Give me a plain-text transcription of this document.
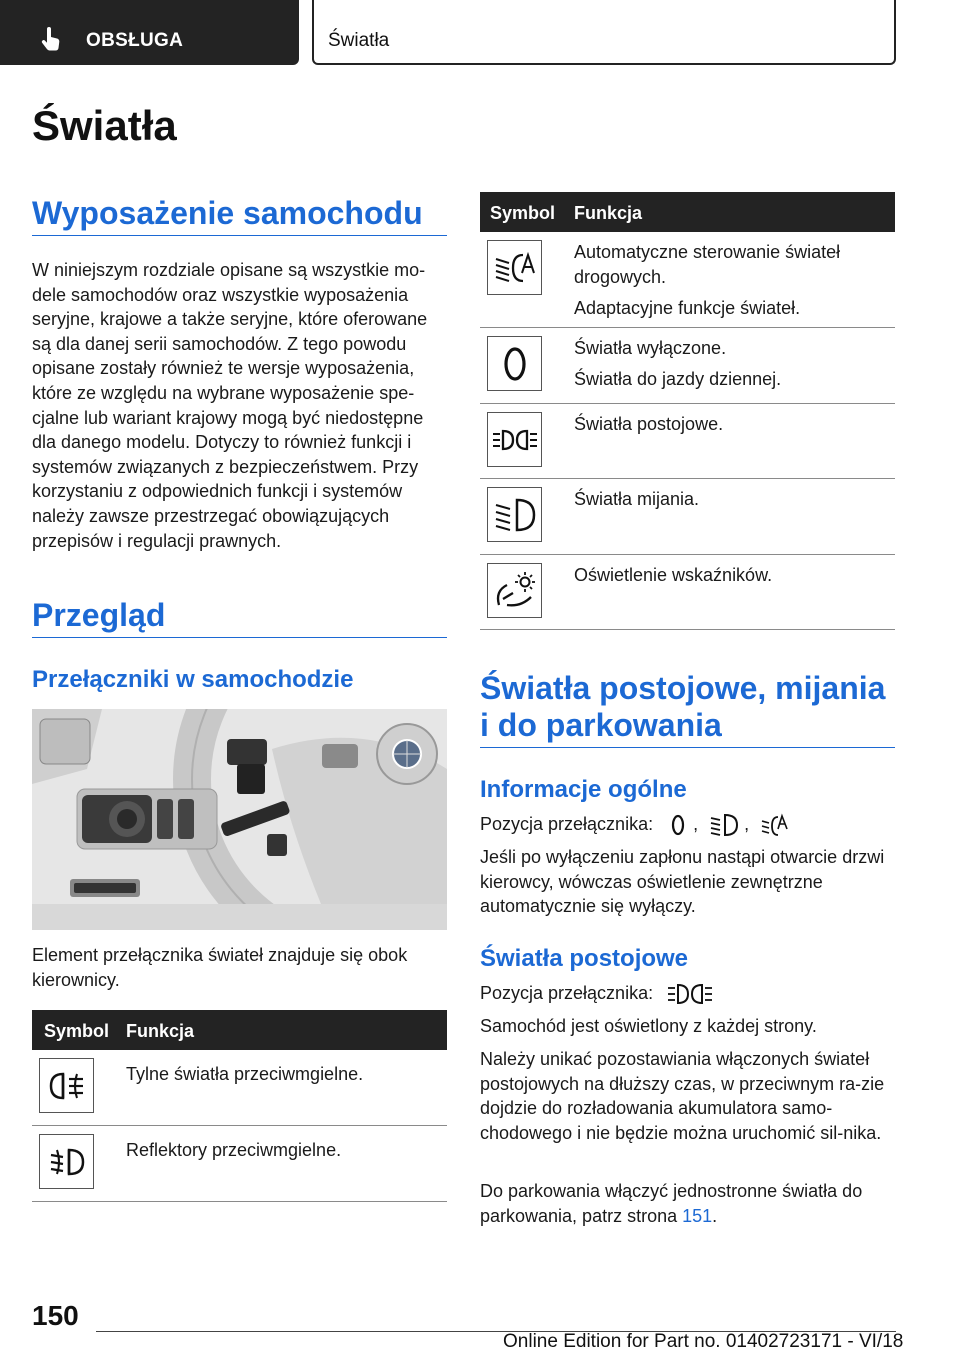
OBSŁUGA	Światła
Światła
Wyposażenie samochodu
W niniejszym rozdziale opisane są wszystkie mo-dele samochodów oraz wszystkie wyposażenia seryjne, krajowe a także seryjne, które oferowane są dla danej serii samochodów. Z tego powodu opisane zostały również te wersje wyposażenia, które ze względu na wybrane wyposażenie spe-cjalne lub wariant krajowy mogą być niedostępne dla danego modelu. Dotyczy to również funkcji i systemów związanych z bezpieczeństwem. Przy korzystaniu z odpowiednich funkcji i systemów należy zawsze przestrzegać obowiązujących przepisów i regulacji prawnych.
Przegląd
Przełączniki w samochodzie
Element przełącznika świateł znajduje się obok kierownicy.
Symbol Funkcja

Tylne światła przeciwmgielne.

Reflektory przeciwmgielne.

Symbol Funkcja

Automatyczne sterowanie świateł drogowych.

Adaptacyjne funkcje świateł.

Światła wyłączone.

Światła do jazdy dziennej.

Światła postojowe.

Światła mijania.

Oświetlenie wskaźników.

Światła postojowe, mijania i do parkowania
Informacje ogólne
Pozycja przełącznika: ,	,
Jeśli po wyłączeniu zapłonu nastąpi otwarcie drzwi kierowcy, wówczas oświetlenie zewnętrzne automatycznie się wyłączy.
Światła postojowe
Pozycja przełącznika:
Samochód jest oświetlony z każdej strony.
Należy unikać pozostawiania włączonych świateł postojowych na dłuższy czas, w przeciwnym ra-zie dojdzie do rozładowania akumulatora samo-chodowego i nie będzie można uruchomić sil-nika.
Do parkowania włączyć jednostronne światła do parkowania, patrz strona 151.
150
Online Edition for Part no. 01402723171 - VI/18
